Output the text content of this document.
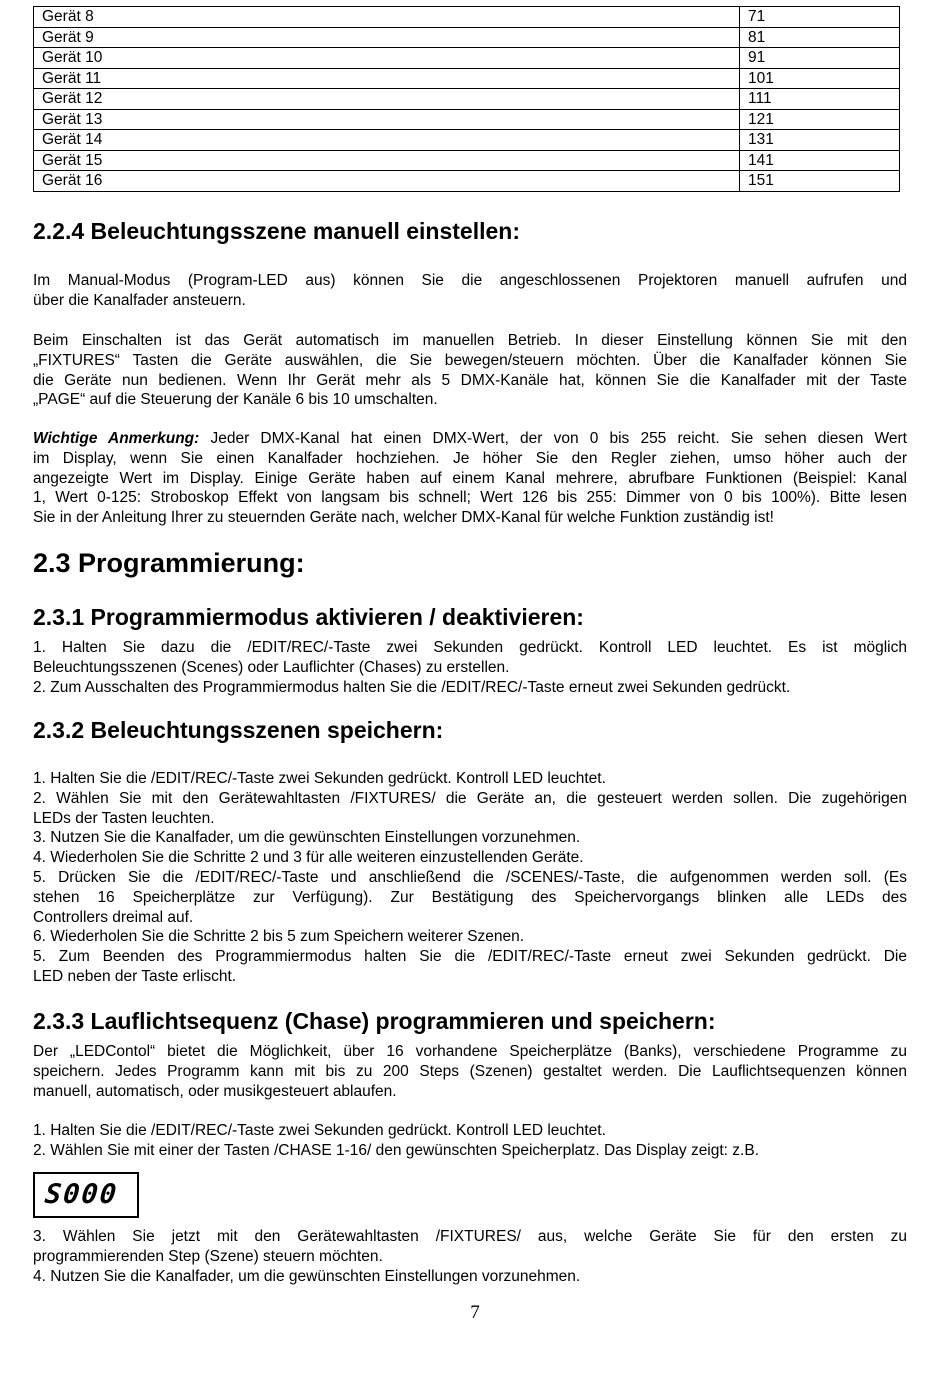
Gerät 8	71
Gerät 9	81
Gerät 10	91
Gerät 11	101
Gerät 12	111
Gerät 13	121
Gerät 14	131
Gerät 15	141
Gerät 16	151
2.2.4 Beleuchtungsszene manuell einstellen:
Im Manual-Modus (Program-LED aus) können Sie die angeschlossenen Projektoren manuell aufrufen und
über die Kanalfader ansteuern.
Beim Einschalten ist das Gerät automatisch im manuellen Betrieb. In dieser Einstellung können Sie mit den
„FIXTURES“ Tasten die Geräte auswählen, die Sie bewegen/steuern möchten. Über die Kanalfader können Sie
die Geräte nun bedienen. Wenn Ihr Gerät mehr als 5 DMX-Kanäle hat, können Sie die Kanalfader mit der Taste
„PAGE“ auf die Steuerung der Kanäle 6 bis 10 umschalten.
Wichtige Anmerkung: Jeder DMX-Kanal hat einen DMX-Wert, der von 0 bis 255 reicht. Sie sehen diesen Wert
im Display, wenn Sie einen Kanalfader hochziehen. Je höher Sie den Regler ziehen, umso höher auch der
angezeigte Wert im Display. Einige Geräte haben auf einem Kanal mehrere, abrufbare Funktionen (Beispiel: Kanal
1, Wert 0-125: Stroboskop Effekt von langsam bis schnell; Wert 126 bis 255: Dimmer von 0 bis 100%). Bitte lesen
Sie in der Anleitung Ihrer zu steuernden Geräte nach, welcher DMX-Kanal für welche Funktion zuständig ist!
2.3 Programmierung:
2.3.1 Programmiermodus aktivieren / deaktivieren:
1. Halten Sie dazu die /EDIT/REC/-Taste zwei Sekunden gedrückt. Kontroll LED leuchtet. Es ist möglich
Beleuchtungsszenen (Scenes) oder Lauflichter (Chases) zu erstellen.
2. Zum Ausschalten des Programmiermodus halten Sie die /EDIT/REC/-Taste erneut zwei Sekunden gedrückt.
2.3.2 Beleuchtungsszenen speichern:
1. Halten Sie die /EDIT/REC/-Taste zwei Sekunden gedrückt. Kontroll LED leuchtet.
2. Wählen Sie mit den Gerätewahltasten /FIXTURES/ die Geräte an, die gesteuert werden sollen. Die zugehörigen
LEDs der Tasten leuchten.
3. Nutzen Sie die Kanalfader, um die gewünschten Einstellungen vorzunehmen.
4. Wiederholen Sie die Schritte 2 und 3 für alle weiteren einzustellenden Geräte.
5. Drücken Sie die /EDIT/REC/-Taste und anschließend die /SCENES/-Taste, die aufgenommen werden soll. (Es
stehen 16 Speicherplätze zur Verfügung). Zur Bestätigung des Speichervorgangs blinken alle LEDs des
Controllers dreimal auf.
6. Wiederholen Sie die Schritte 2 bis 5 zum Speichern weiterer Szenen.
5. Zum Beenden des Programmiermodus halten Sie die /EDIT/REC/-Taste erneut zwei Sekunden gedrückt. Die
LED neben der Taste erlischt.
2.3.3 Lauflichtsequenz (Chase) programmieren und speichern:
Der „LEDContol“ bietet die Möglichkeit, über 16 vorhandene Speicherplätze (Banks), verschiedene Programme zu
speichern. Jedes Programm kann mit bis zu 200 Steps (Szenen) gestaltet werden. Die Lauflichtsequenzen können
manuell, automatisch, oder musikgesteuert ablaufen.
1. Halten Sie die /EDIT/REC/-Taste zwei Sekunden gedrückt. Kontroll LED leuchtet.
2. Wählen Sie mit einer der Tasten /CHASE 1-16/ den gewünschten Speicherplatz. Das Display zeigt: z.B.
S000
3. Wählen Sie jetzt mit den Gerätewahltasten /FIXTURES/ aus, welche Geräte Sie für den ersten zu
programmierenden Step (Szene) steuern möchten.
4. Nutzen Sie die Kanalfader, um die gewünschten Einstellungen vorzunehmen.
7
